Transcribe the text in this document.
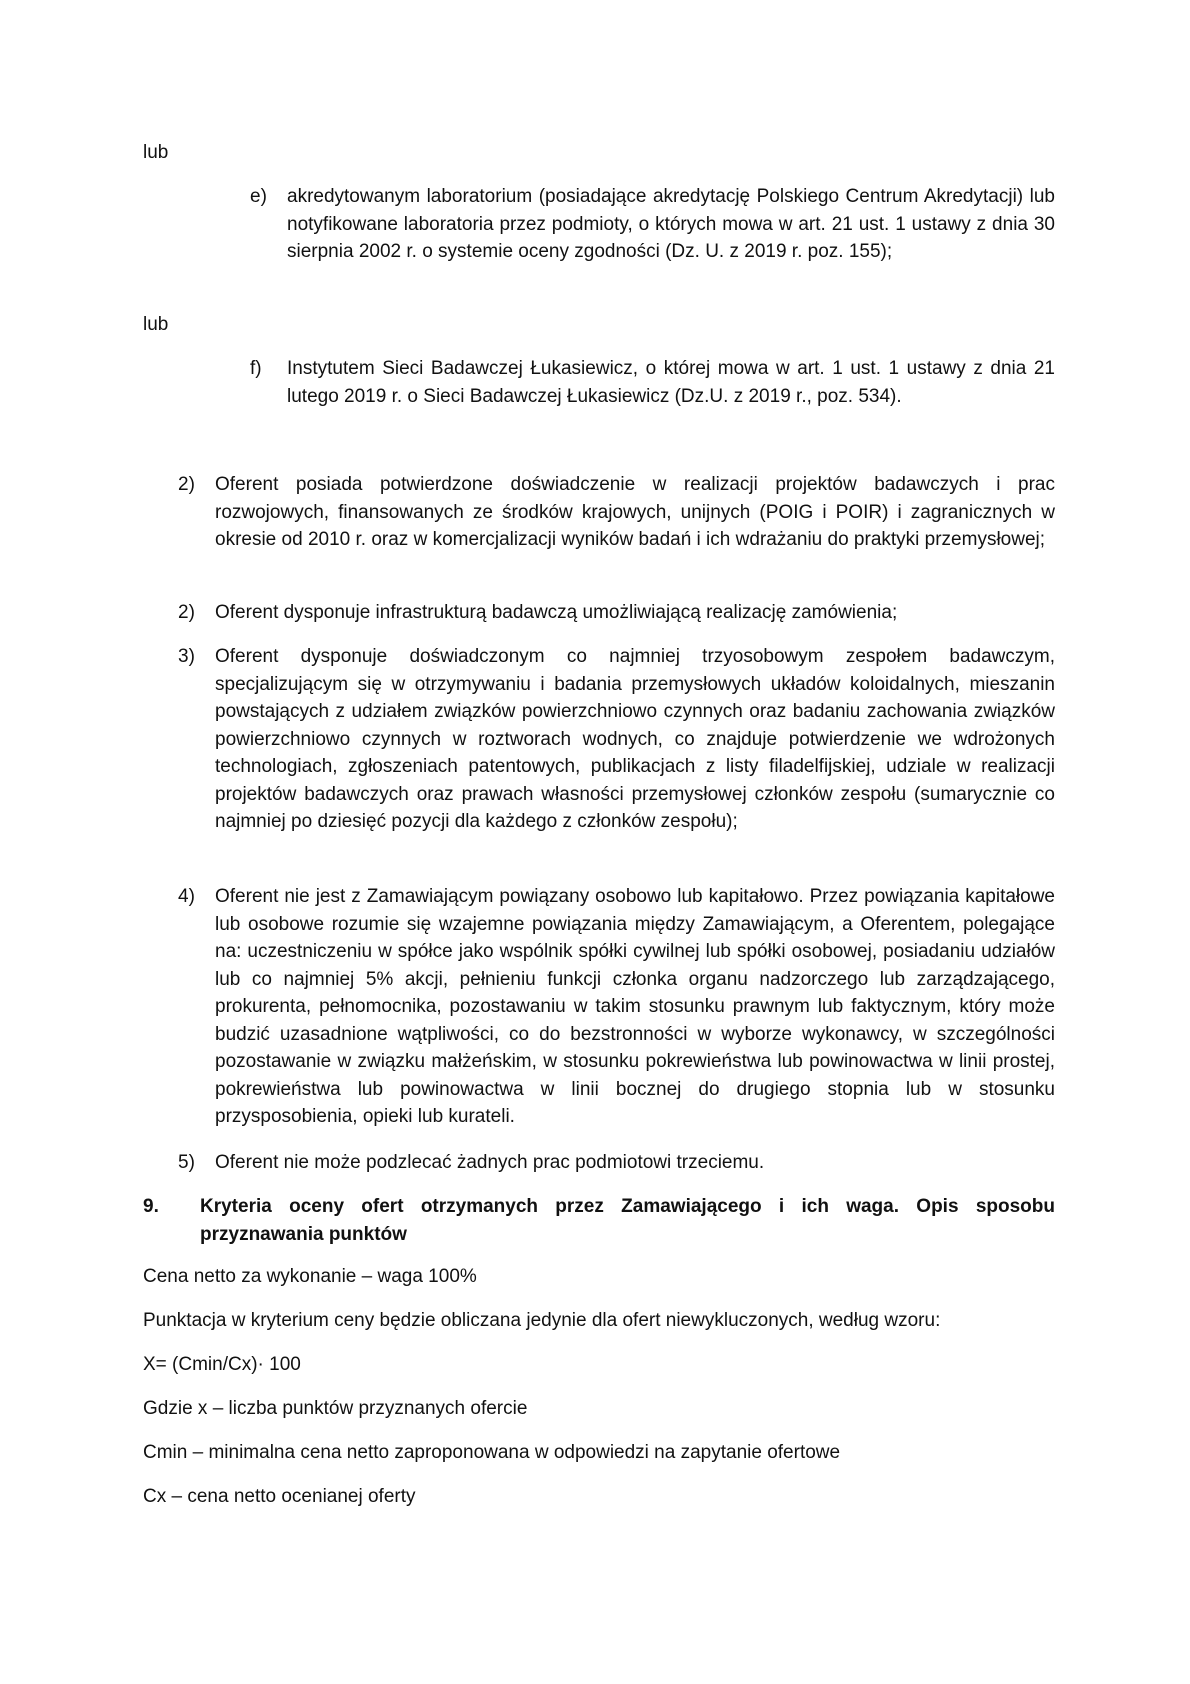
lub
e) akredytowanym laboratorium (posiadające akredytację Polskiego Centrum Akredytacji) lub notyfikowane laboratoria przez podmioty, o których mowa w art. 21 ust. 1 ustawy z dnia 30 sierpnia 2002 r. o systemie oceny zgodności (Dz. U. z 2019 r. poz. 155);
lub
f) Instytutem Sieci Badawczej Łukasiewicz, o której mowa w art. 1 ust. 1 ustawy z dnia 21 lutego 2019 r. o Sieci Badawczej Łukasiewicz (Dz.U. z 2019 r., poz. 534).
2) Oferent posiada potwierdzone doświadczenie w realizacji projektów badawczych i prac rozwojowych, finansowanych ze środków krajowych, unijnych (POIG i POIR) i zagranicznych w okresie od 2010 r. oraz w komercjalizacji wyników badań i ich wdrażaniu do praktyki przemysłowej;
2) Oferent dysponuje infrastrukturą badawczą umożliwiającą realizację zamówienia;
3) Oferent dysponuje doświadczonym co najmniej trzyosobowym zespołem badawczym, specjalizującym się w otrzymywaniu i badania przemysłowych układów koloidalnych, mieszanin powstających z udziałem związków powierzchniowo czynnych oraz badaniu zachowania związków powierzchniowo czynnych w roztworach wodnych, co znajduje potwierdzenie we wdrożonych technologiach, zgłoszeniach patentowych, publikacjach z listy filadelfijskiej, udziale w realizacji projektów badawczych oraz prawach własności przemysłowej członków zespołu (sumarycznie co najmniej po dziesięć pozycji dla każdego z członków zespołu);
4) Oferent nie jest z Zamawiającym powiązany osobowo lub kapitałowo. Przez powiązania kapitałowe lub osobowe rozumie się wzajemne powiązania między Zamawiającym, a Oferentem, polegające na: uczestniczeniu w spółce jako wspólnik spółki cywilnej lub spółki osobowej, posiadaniu udziałów lub co najmniej 5% akcji, pełnieniu funkcji członka organu nadzorczego lub zarządzającego, prokurenta, pełnomocnika, pozostawaniu w takim stosunku prawnym lub faktycznym, który może budzić uzasadnione wątpliwości, co do bezstronności w wyborze wykonawcy, w szczególności pozostawanie w związku małżeńskim, w stosunku pokrewieństwa lub powinowactwa w linii prostej, pokrewieństwa lub powinowactwa w linii bocznej do drugiego stopnia lub w stosunku przysposobienia, opieki lub kurateli.
5) Oferent nie może podzlecać żadnych prac podmiotowi trzeciemu.
9. Kryteria oceny ofert otrzymanych przez Zamawiającego i ich waga. Opis sposobu przyznawania punktów
Cena netto za wykonanie – waga 100%
Punktacja w kryterium ceny będzie obliczana jedynie dla ofert niewykluczonych, według wzoru:
X= (Cmin/Cx)· 100
Gdzie x – liczba punktów przyznanych ofercie
Cmin – minimalna cena netto zaproponowana w odpowiedzi na zapytanie ofertowe
Cx – cena netto ocenianej oferty
